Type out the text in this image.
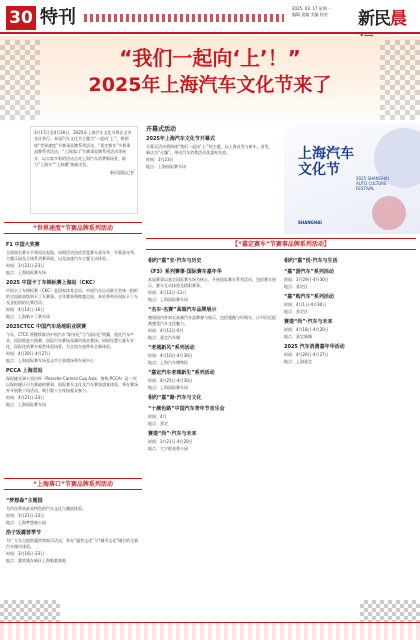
30 特刊	2025. 03. 17 星期一
编辑 责编 美编 校对 新民晨
“我们一起向‘上’！”
2025年上海汽车文化节来了
3月17日至4月30日，2025年上海汽车文化节将在全市各区举行，本届汽车文化节主题为“一起向‘上’”，将围绕“世界速度”节赛事品牌系列活动、“嘉定赛车”节赛事品牌系列活动、“上海落口”节赛事品牌系列活动等展开，以丰富多彩的活动点亮上海汽车消费新场景，助力“上海车”“上海潮”焕新出发。
新民晨报记者
开幕式活动
2025年上海汽车文化节开幕式
开幕式活动将围绕“我们一起向‘上’”的主题，以上海首发与新车、首发、新店为“火爆”，带动汽车消费活动优惠券发放。
时间：3月23日
地点：上海国际赛车场
上海汽车
文化节
2025 SHANGHAI
AUTO CULTURE
FESTIVAL
SHANGHAI
“世界速度”节赛品牌系列活动
【“嘉定赛车”节赛事品牌系列活动】
“上海落口”节赛品牌系列活动
F1 中国大奖赛
全球知名赛车手将再次起航，同期活动包括雷霆赛车嘉年华、开幕嘉年华，主题乐园及全球系列赛事展，以及加速汽车主题互动体验。
时间：3月21日-23日
地点：上海国际赛车场
2025 中国卡丁车锦标赛上海站（CKC）
中国卡丁车锦标赛（CKC）是国家体育总局、中国汽车运动联合会统一组织的全国最高级别卡丁车赛事。全年赛事将跨越全国，本站将举办国际卡丁车及各组别的比赛活动。
时间：4月14日-16日
地点：上海新卡丁赛车场
2025CTCC 中国汽车场地职业联赛
今年，CTCC 将继续联动中国汽车“职业化”与“国际化”两翼，依托汽车产业，再次推进公路赛、国际汽车赛场及城市商业赛场。同时设置大量专业化、国际化的赛车观赏体验场景，为全国车迷带来全新体验。
时间：4月20日-4月27日
地点：上海国际赛车场及全市主要商场和车展中心
PCCA 上海竞站
保时捷亚洲卡雷拉杯（Porsche Carrera Cup Asia，简称 PCCA）是一项以保时捷认可为基础的赛事，国际赛车文化及汽车赛事盛宴体验，将在赛场外开展数十场活动，吸引数十万现场观众参与。
时间：4月21日-23日
地点：上海国际赛车场
“梦想森”主题园
为市民带来最具特色的汽车文化与潮流体验。
时间：3月21日-23日
地点：上海梦想森公园
浩子饭露营季节
为广大车主提供露营和娱乐活动，举办“露营文化”与“城市文化”融合的全新汽车城市体验。
时间：3月16日-23日
地点：露营浦东新区上海临港基地
相约“嘉”安·汽车与历史
《F3》系列赛事·国际赛车嘉年华
本届赛事以嘉定国际赛车场为核心，开展国际赛车系列活动，包括赛车展示、赛车互动体验及精彩赛事。
时间：4月12日-13日
地点：上海国际赛车场
“名车·名赛”高端汽车品牌展示
邀请国内外知名高端汽车品牌参与展示，包括超跑与经典车，让市民近距离感受汽车文化魅力。
时间：4月12日-6月
地点：嘉定汽车城
“老城新风”系列活动
时间：4月10日-4月30日
地点：上海汽车博物馆
“嘉定汽车老城新生”系列活动
时间：4月25日-4月30日
地点：上海国际赛车场
相约“嘉”聚·汽车与文化
“十颜色路”中国汽车青年节音乐会
时间：4月
地点：嘉定
赛道“尚”·汽车与未来
时间：3月21日-4月20日
地点：大宁郁金香公园
相约“嘉”悦·汽车与生活
“嘉”游汽车”系列活动
时间：3月29日-4月30日
地点：嘉定区
“嘉”购汽车”系列活动
时间：4月1日-4月30日
地点：嘉定区
赛道“尚”·汽车与未来
时间：4月18日-4月20日
地点：嘉定新城
2025 汽车消费嘉年华活动
时间：4月26日-4月27日
地点：上海嘉定
